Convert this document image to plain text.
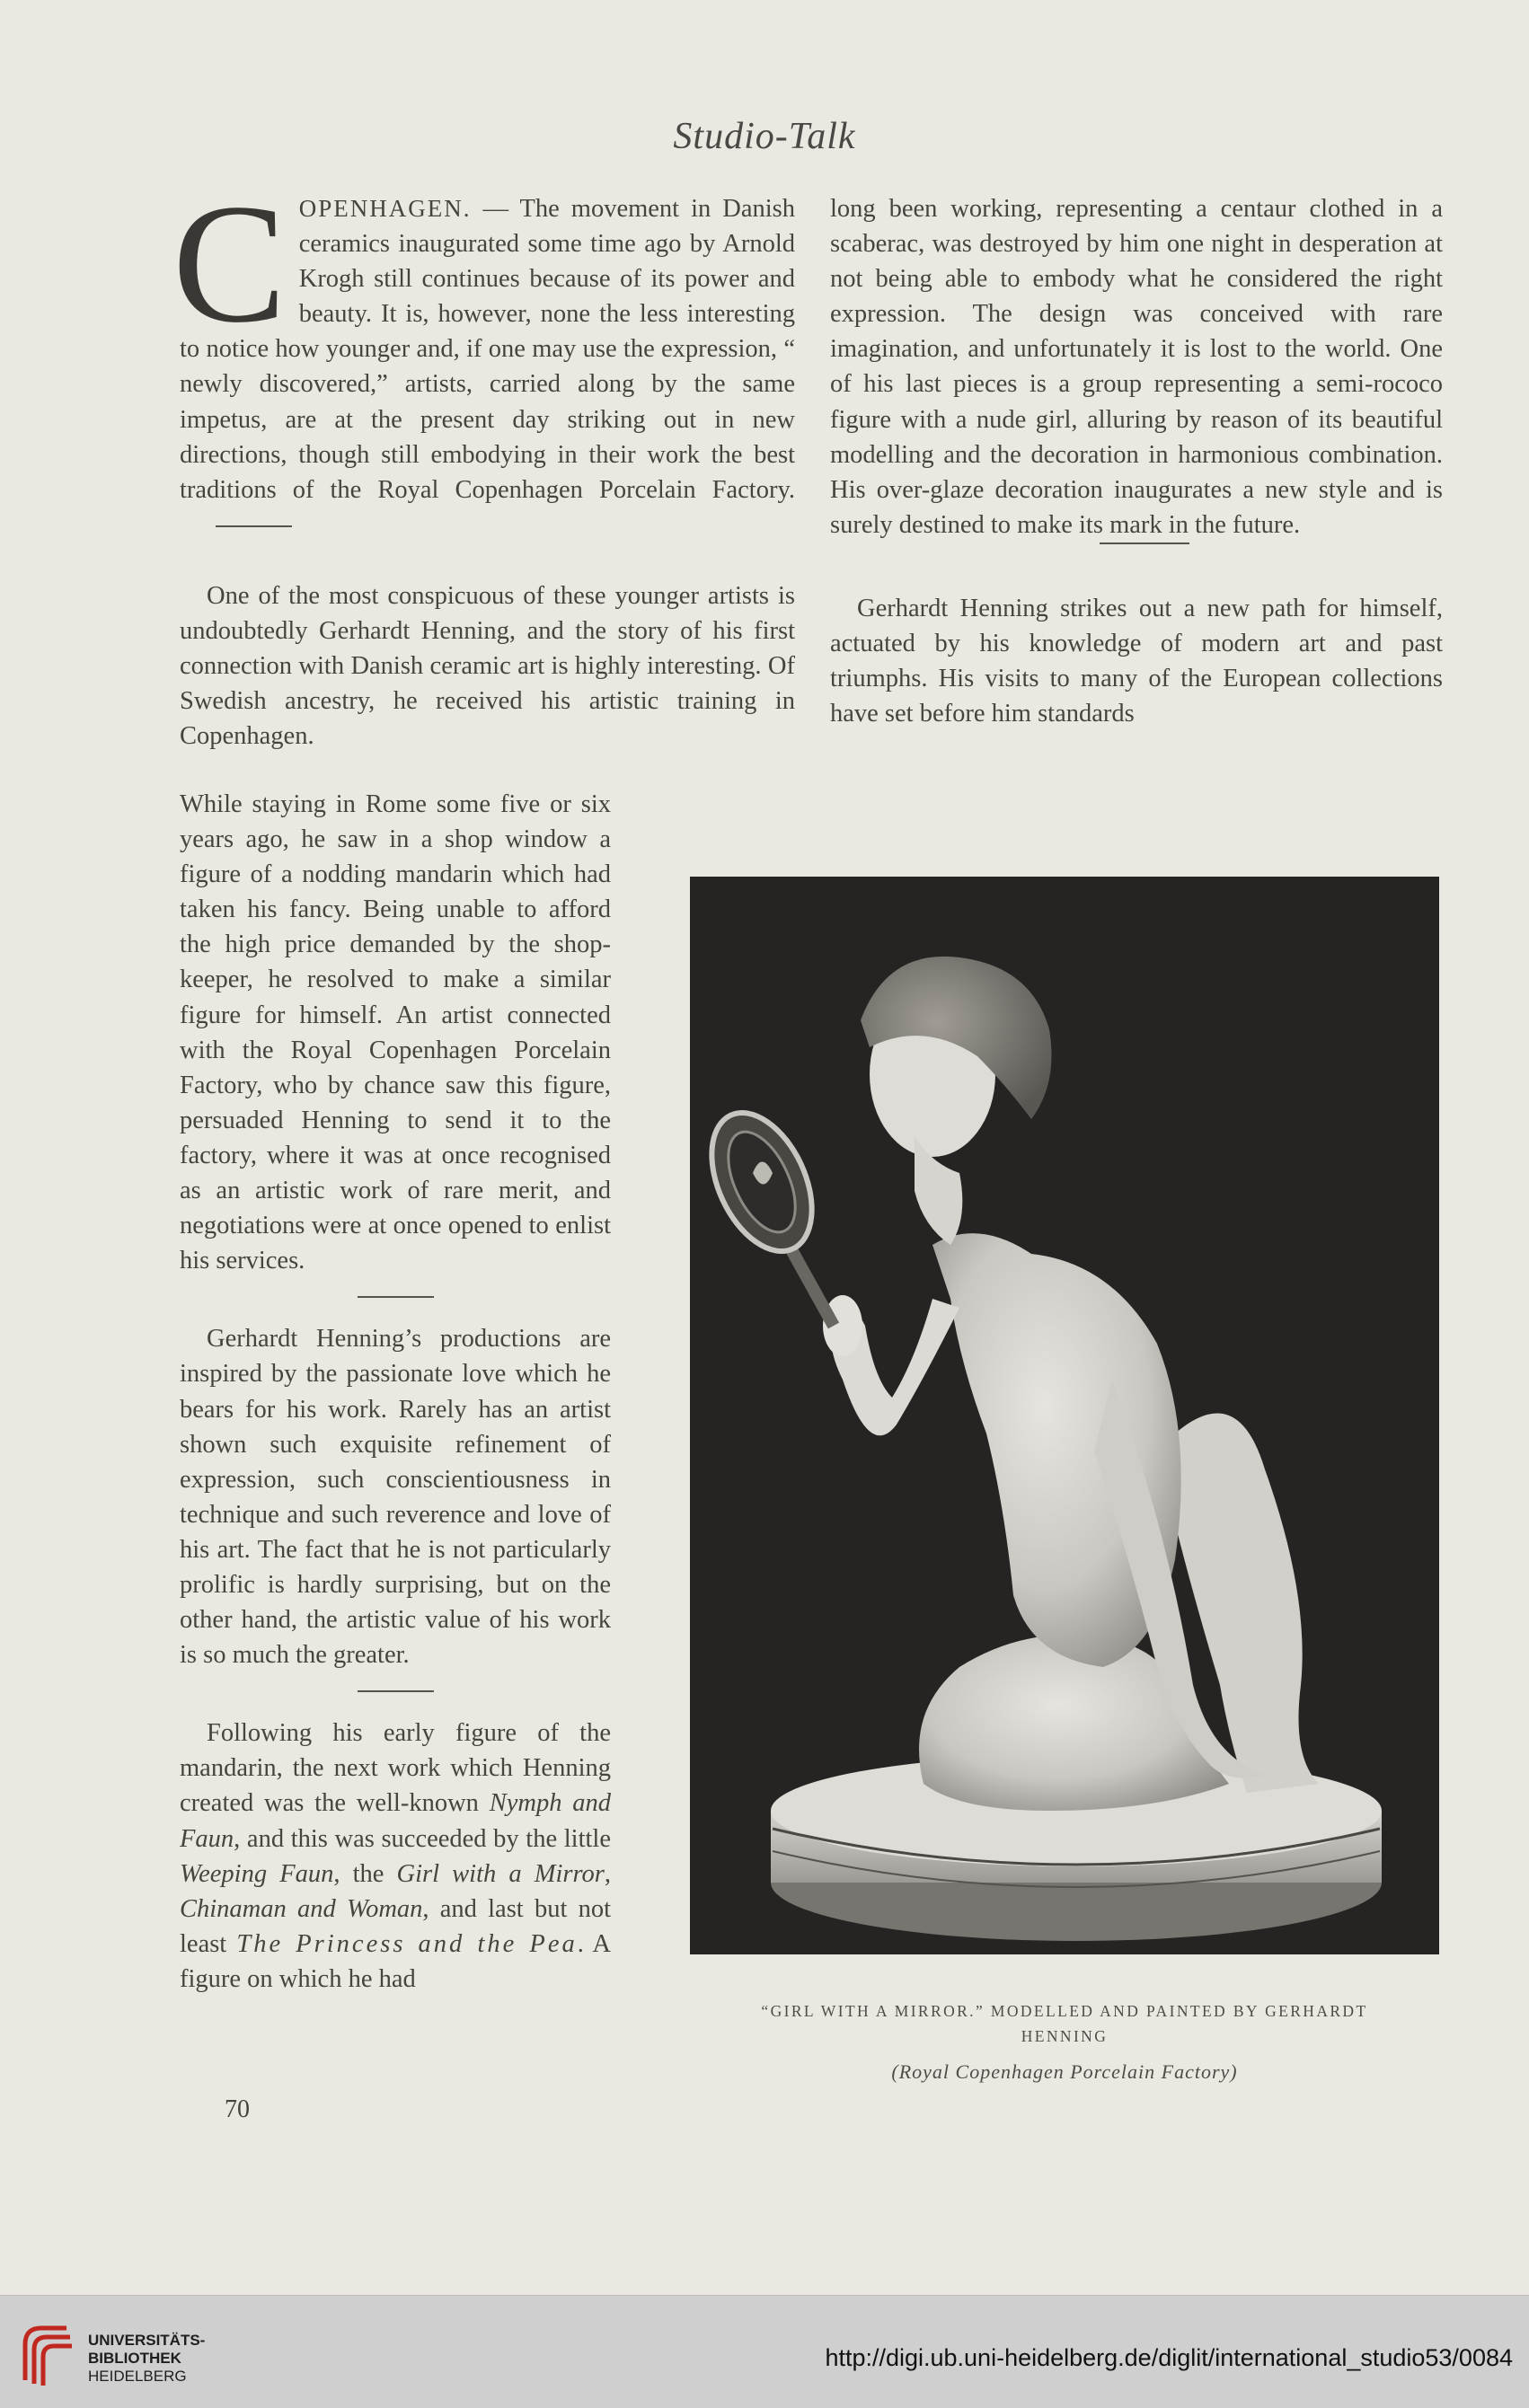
Studio-Talk

COPENHAGEN. — The movement in Danish ceramics inaugurated some time ago by Arnold Krogh still continues because of its power and beauty. It is, however, none the less interesting to notice how younger and, if one may use the expression, “ newly discovered,” artists, carried along by the same impetus, are at the present day striking out in new directions, though still embodying in their work the best traditions of the Royal Copenhagen Porcelain Factory.

One of the most conspicuous of these younger artists is undoubtedly Gerhardt Henning, and the story of his first connection with Danish ceramic art is highly interesting. Of Swedish ancestry, he received his artistic training in Copenhagen.

While staying in Rome some five or six years ago, he saw in a shop window a figure of a nodding mandarin which had taken his fancy. Being unable to afford the high price demanded by the shop-keeper, he resolved to make a similar figure for himself. An artist connected with the Royal Copenhagen Porcelain Factory, who by chance saw this figure, persuaded Henning to send it to the factory, where it was at once recognised as an artistic work of rare merit, and negotiations were at once opened to enlist his services.

Gerhardt Henning’s productions are inspired by the passionate love which he bears for his work. Rarely has an artist shown such exquisite refinement of expression, such conscientiousness in technique and such reverence and love of his art. The fact that he is not particularly prolific is hardly surprising, but on the other hand, the artistic value of his work is so much the greater.

Following his early figure of the mandarin, the next work which Henning created was the well-known Nymph and Faun, and this was succeeded by the little Weeping Faun, the Girl with a Mirror, Chinaman and Woman, and last but not least The Princess and the Pea. A figure on which he had

long been working, representing a centaur clothed in a scaberac, was destroyed by him one night in desperation at not being able to embody what he considered the right expression. The design was conceived with rare imagination, and unfortunately it is lost to the world. One of his last pieces is a group representing a semi-rococo figure with a nude girl, alluring by reason of its beautiful modelling and the decoration in harmonious combination. His over-glaze decoration inaugurates a new style and is surely destined to make its mark in the future.

Gerhardt Henning strikes out a new path for himself, actuated by his knowledge of modern art and past triumphs. His visits to many of the European collections have set before him standards

“GIRL WITH A MIRROR.” MODELLED AND PAINTED BY GERHARDT
HENNING
(Royal Copenhagen Porcelain Factory)
70
UNIVERSITÄTS-
BIBLIOTHEK
HEIDELBERG
http://digi.ub.uni-heidelberg.de/diglit/international_studio53/0084
